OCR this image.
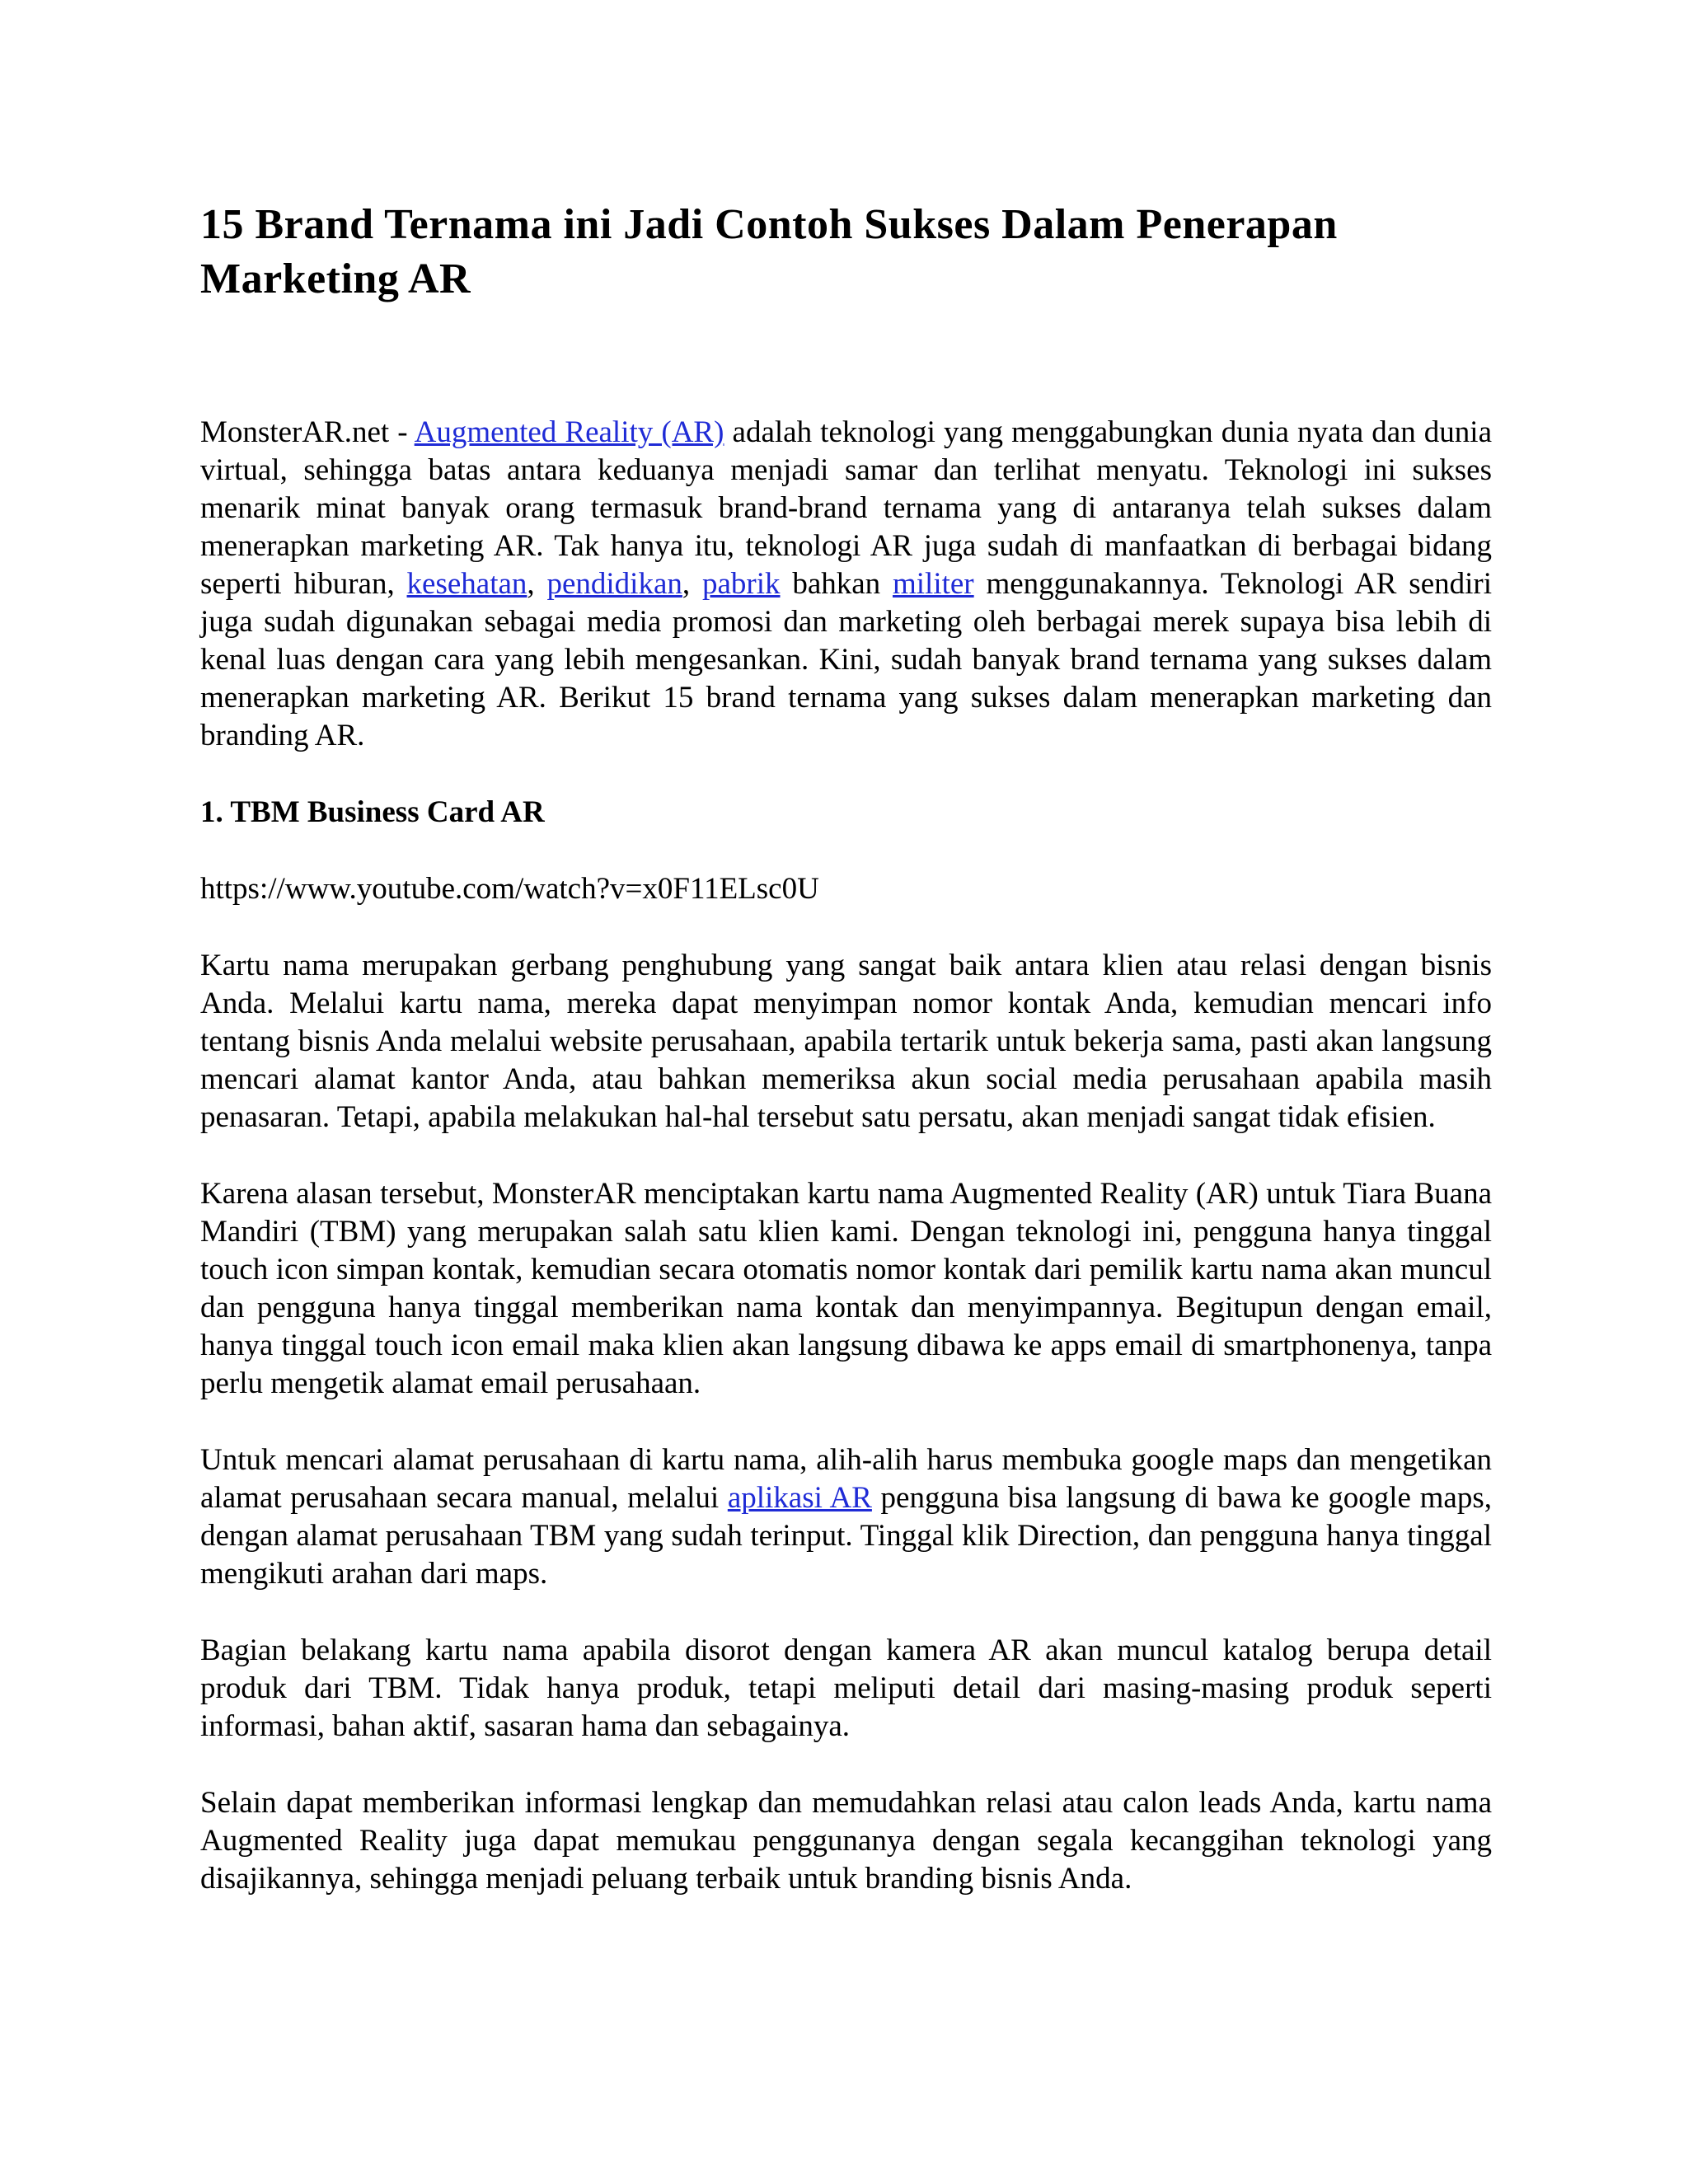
15 Brand Ternama ini Jadi Contoh Sukses Dalam Penerapan Marketing AR

MonsterAR.net - Augmented Reality (AR) adalah teknologi yang menggabungkan dunia nyata dan dunia virtual, sehingga batas antara keduanya menjadi samar dan terlihat menyatu. Teknologi ini sukses menarik minat banyak orang termasuk brand-brand ternama yang di antaranya telah sukses dalam menerapkan marketing AR. Tak hanya itu, teknologi AR juga sudah di manfaatkan di berbagai bidang seperti hiburan, kesehatan, pendidikan, pabrik bahkan militer menggunakannya. Teknologi AR sendiri juga sudah digunakan sebagai media promosi dan marketing oleh berbagai merek supaya bisa lebih di kenal luas dengan cara yang lebih mengesankan. Kini, sudah banyak brand ternama yang sukses dalam menerapkan marketing AR. Berikut 15 brand ternama yang sukses dalam menerapkan marketing dan branding AR.

1. TBM Business Card AR

https://www.youtube.com/watch?v=x0F11ELsc0U

Kartu nama merupakan gerbang penghubung yang sangat baik antara klien atau relasi dengan bisnis Anda. Melalui kartu nama, mereka dapat menyimpan nomor kontak Anda, kemudian mencari info tentang bisnis Anda melalui website perusahaan, apabila tertarik untuk bekerja sama, pasti akan langsung mencari alamat kantor Anda, atau bahkan memeriksa akun social media perusahaan apabila masih penasaran. Tetapi, apabila melakukan hal-hal tersebut satu persatu, akan menjadi sangat tidak efisien.

Karena alasan tersebut, MonsterAR menciptakan kartu nama Augmented Reality (AR) untuk Tiara Buana Mandiri (TBM) yang merupakan salah satu klien kami. Dengan teknologi ini, pengguna hanya tinggal touch icon simpan kontak, kemudian secara otomatis nomor kontak dari pemilik kartu nama akan muncul dan pengguna hanya tinggal memberikan nama kontak dan menyimpannya. Begitupun dengan email, hanya tinggal touch icon email maka klien akan langsung dibawa ke apps email di smartphonenya, tanpa perlu mengetik alamat email perusahaan.

Untuk mencari alamat perusahaan di kartu nama, alih-alih harus membuka google maps dan mengetikan alamat perusahaan secara manual, melalui aplikasi AR pengguna bisa langsung di bawa ke google maps, dengan alamat perusahaan TBM yang sudah terinput. Tinggal klik Direction, dan pengguna hanya tinggal mengikuti arahan dari maps.

Bagian belakang kartu nama apabila disorot dengan kamera AR akan muncul katalog berupa detail produk dari TBM. Tidak hanya produk, tetapi meliputi detail dari masing-masing produk seperti informasi, bahan aktif, sasaran hama dan sebagainya.

Selain dapat memberikan informasi lengkap dan memudahkan relasi atau calon leads Anda, kartu nama Augmented Reality juga dapat memukau penggunanya dengan segala kecanggihan teknologi yang disajikannya, sehingga menjadi peluang terbaik untuk branding bisnis Anda.
